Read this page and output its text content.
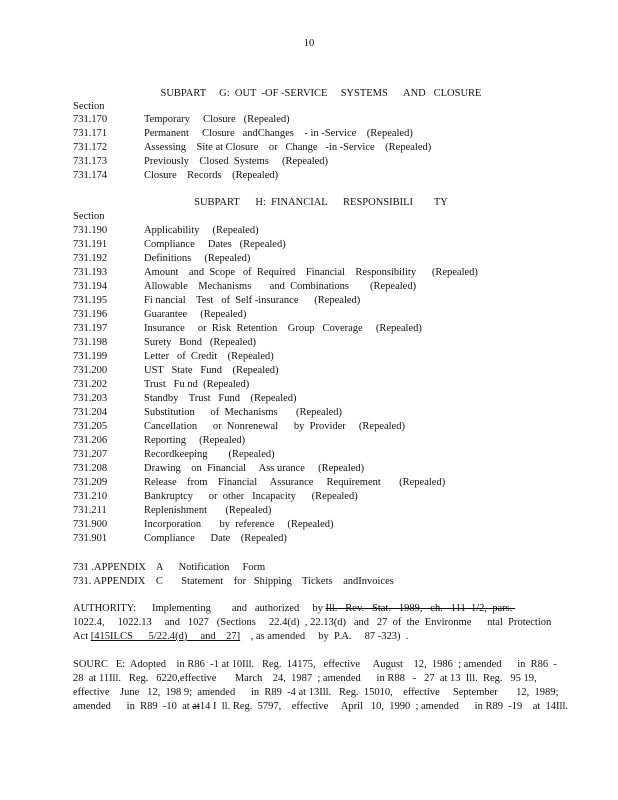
10
SUBPART     G:  OUT  -OF -SERVICE     SYSTEMS      AND   CLOSURE
Section
731.170	Temporary     Closure   (Repealed)
731.171	Permanent     Closure   andChanges    - in -Service    (Repealed)
731.172	Assessing    Site at Closure    or   Change   -in -Service    (Repealed)
731.173	Previously    Closed  Systems     (Repealed)
731.174	Closure    Records    (Repealed)
SUBPART      H:  FINANCIAL      RESPONSIBILI        TY
Section
731.190	Applicability     (Repealed)
731.191	Compliance     Dates   (Repealed)
731.192	Definitions     (Repealed)
731.193	Amount    and  Scope   of  Required    Financial    Responsibility      (Repealed)
731.194	Allowable    Mechanisms       and  Combinations        (Repealed)
731.195	Fi nancial    Test   of  Self -insurance      (Repealed)
731.196	Guarantee     (Repealed)
731.197	Insurance     or  Risk  Retention    Group   Coverage     (Repealed)
731.198	Surety   Bond   (Repealed)
731.199	Letter   of  Credit    (Repealed)
731.200	UST   State   Fund    (Repealed)
731.202	Trust   Fu nd  (Repealed)
731.203	Standby    Trust   Fund    (Repealed)
731.204	Substitution      of  Mechanisms       (Repealed)
731.205	Cancellation      or  Nonrenewal      by  Provider     (Repealed)
731.206	Reporting     (Repealed)
731.207	Recordkeeping        (Repealed)
731.208	Drawing    on  Financial     Ass urance     (Repealed)
731.209	Release    from    Financial     Assurance     Requirement       (Repealed)
731.210	Bankruptcy      or  other   Incapacity      (Repealed)
731.211	Replenishment       (Repealed)
731.900	Incorporation       by  reference     (Repealed)
731.901	Compliance      Date    (Repealed)
731 .APPENDIX    A      Notification     Form
731. APPENDIX    C       Statement    for   Shipping    Tickets    andInvoices
AUTHORITY:      Implementing        and   authorized     by Ill.   Rev.   Stat.   1989,   ch.   111  1/2,  pars.
1022.4,     1022.13     and   1027   (Sections     22.4(d)  , 22.13(d)   and   27  of  the  Environme      ntal  Protection
Act [415ILCS      5/22.4(d)     and    27]    , as amended     by  P.A.     87 -323)  .
SOURC   E:  Adopted    in R86  -1 at 10Ill.   Reg.  14175,   effective     August    12,  1986  ; amended      in  R86  -
28  at 11Ill.   Reg.   6220,effective       March    24,  1987  ; amended      in R88   -   27  at 13  Ill.  Reg.   95 19,
effective    June   12,  198 9;  amended      in  R89  -4 at 13Ill.   Reg.  15010,    effective     September       12,  1989;
amended      in  R89  -10  at at14 I  ll. Reg.  5797,    effective     April   10,  1990  ; amended      in R89  -19    at  14Ill.
